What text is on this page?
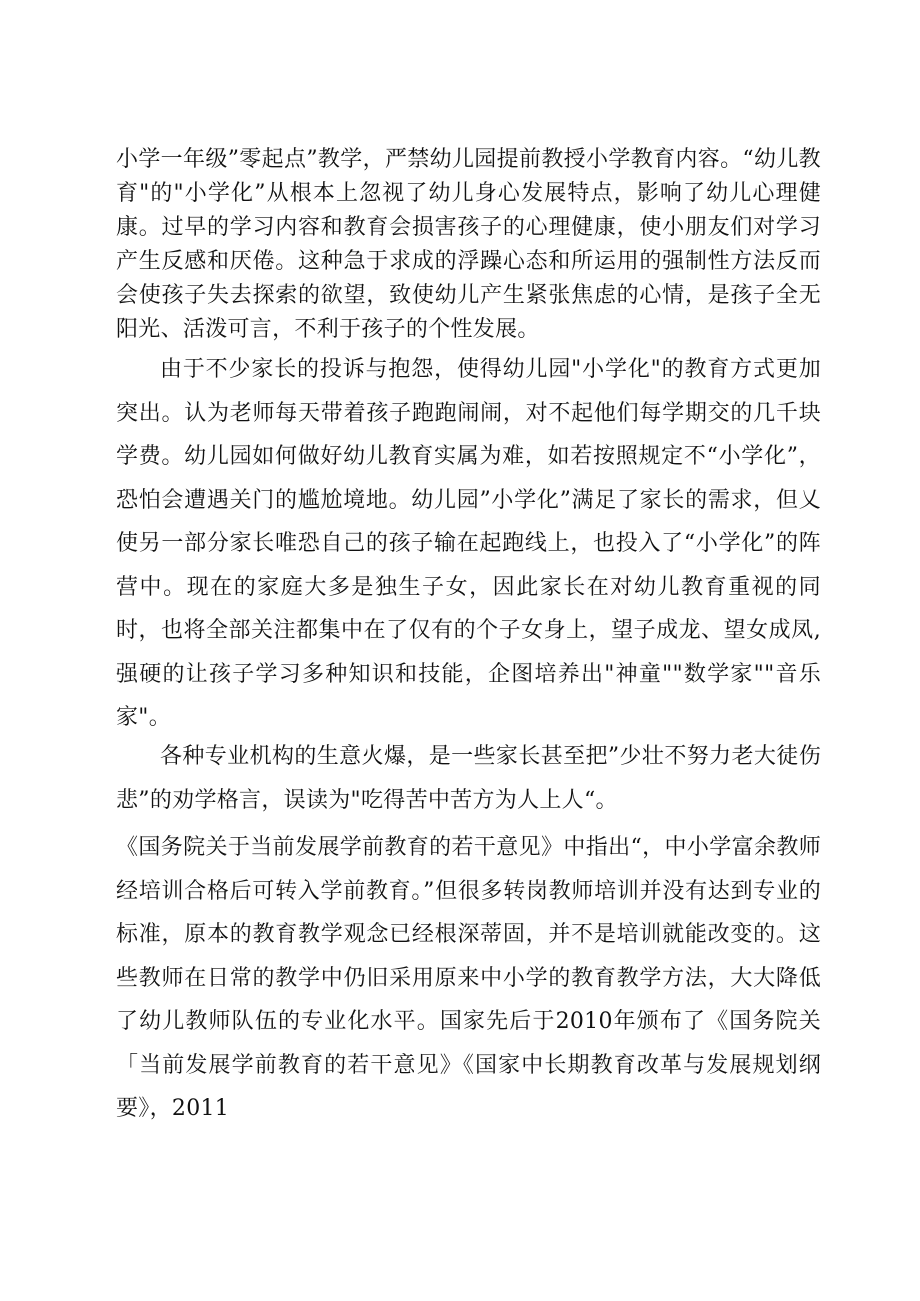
小学一年级”零起点”教学，严禁幼儿园提前教授小学教育内容。“幼儿教育"的"小学化”从根本上忽视了幼儿身心发展特点，影响了幼儿心理健康。过早的学习内容和教育会损害孩子的心理健康，使小朋友们对学习产生反感和厌倦。这种急于求成的浮躁心态和所运用的强制性方法反而会使孩子失去探索的欲望，致使幼儿产生紧张焦虑的心情，是孩子全无阳光、活泼可言，不利于孩子的个性发展。

由于不少家长的投诉与抱怨，使得幼儿园"小学化"的教育方式更加突出。认为老师每天带着孩子跑跑闹闹，对不起他们每学期交的几千块学费。幼儿园如何做好幼儿教育实属为难，如若按照规定不“小学化”，恐怕会遭遇关门的尴尬境地。幼儿园”小学化”满足了家长的需求，但乂使另一部分家长唯恐自己的孩子输在起跑线上，也投入了“小学化”的阵营中。现在的家庭大多是独生子女，因此家长在对幼儿教育重视的同时，也将全部关注都集中在了仅有的个子女身上，望子成龙、望女成凤,强硬的让孩子学习多种知识和技能，企图培养出"神童""数学家""音乐家"。

各种专业机构的生意火爆，是一些家长甚至把”少壮不努力老大徒伤悲”的劝学格言，误读为"吃得苦中苦方为人上人“。

《国务院关于当前发展学前教育的若干意见》中指出“，中小学富余教师经培训合格后可转入学前教育。”但很多转岗教师培训并没有达到专业的标准，原本的教育教学观念已经根深蒂固，并不是培训就能改变的。这些教师在日常的教学中仍旧采用原来中小学的教育教学方法，大大降低了幼儿教师队伍的专业化水平。国家先后于2010年颁布了《国务院关「当前发展学前教育的若干意见》《国家中长期教育改革与发展规划纲要》，2011
